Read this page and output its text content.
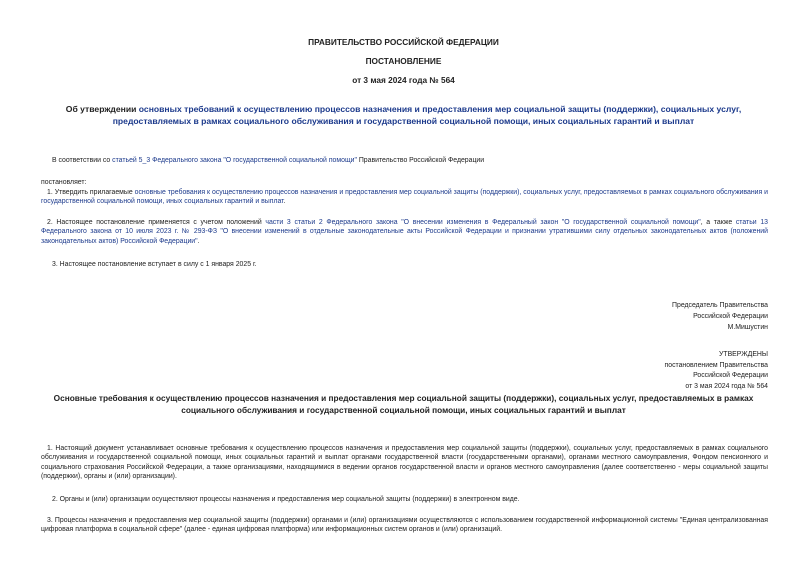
ПРАВИТЕЛЬСТВО РОССИЙСКОЙ ФЕДЕРАЦИИ
ПОСТАНОВЛЕНИЕ
от 3 мая 2024 года № 564
Об утверждении основных требований к осуществлению процессов назначения и предоставления мер социальной защиты (поддержки), социальных услуг, предоставляемых в рамках социального обслуживания и государственной социальной помощи, иных социальных гарантий и выплат
В соответствии со статьей 5_3 Федерального закона "О государственной социальной помощи" Правительство Российской Федерации
постановляет:
1. Утвердить прилагаемые основные требования к осуществлению процессов назначения и предоставления мер социальной защиты (поддержки), социальных услуг, предоставляемых в рамках социального обслуживания и государственной социальной помощи, иных социальных гарантий и выплат.
2. Настоящее постановление применяется с учетом положений части 3 статьи 2 Федерального закона "О внесении изменения в Федеральный закон "О государственной социальной помощи", а также статьи 13 Федерального закона от 10 июля 2023 г. № 293-ФЗ "О внесении изменений в отдельные законодательные акты Российской Федерации и признании утратившими силу отдельных законодательных актов (положений законодательных актов) Российской Федерации".
3. Настоящее постановление вступает в силу с 1 января 2025 г.
Председатель Правительства
Российской Федерации
М.Мишустин
УТВЕРЖДЕНЫ
постановлением Правительства
Российской Федерации
от 3 мая 2024 года № 564
Основные требования к осуществлению процессов назначения и предоставления мер социальной защиты (поддержки), социальных услуг, предоставляемых в рамках социального обслуживания и государственной социальной помощи, иных социальных гарантий и выплат
1. Настоящий документ устанавливает основные требования к осуществлению процессов назначения и предоставления мер социальной защиты (поддержки), социальных услуг, предоставляемых в рамках социального обслуживания и государственной социальной помощи, иных социальных гарантий и выплат органами государственной власти (государственными органами), органами местного самоуправления, Фондом пенсионного и социального страхования Российской Федерации, а также организациями, находящимися в ведении органов государственной власти и органов местного самоуправления (далее соответственно - меры социальной защиты (поддержки), органы и (или) организации).
2. Органы и (или) организации осуществляют процессы назначения и предоставления мер социальной защиты (поддержки) в электронном виде.
3. Процессы назначения и предоставления мер социальной защиты (поддержки) органами и (или) организациями осуществляются с использованием государственной информационной системы "Единая централизованная цифровая платформа в социальной сфере" (далее - единая цифровая платформа) или информационных систем органов и (или) организаций.
